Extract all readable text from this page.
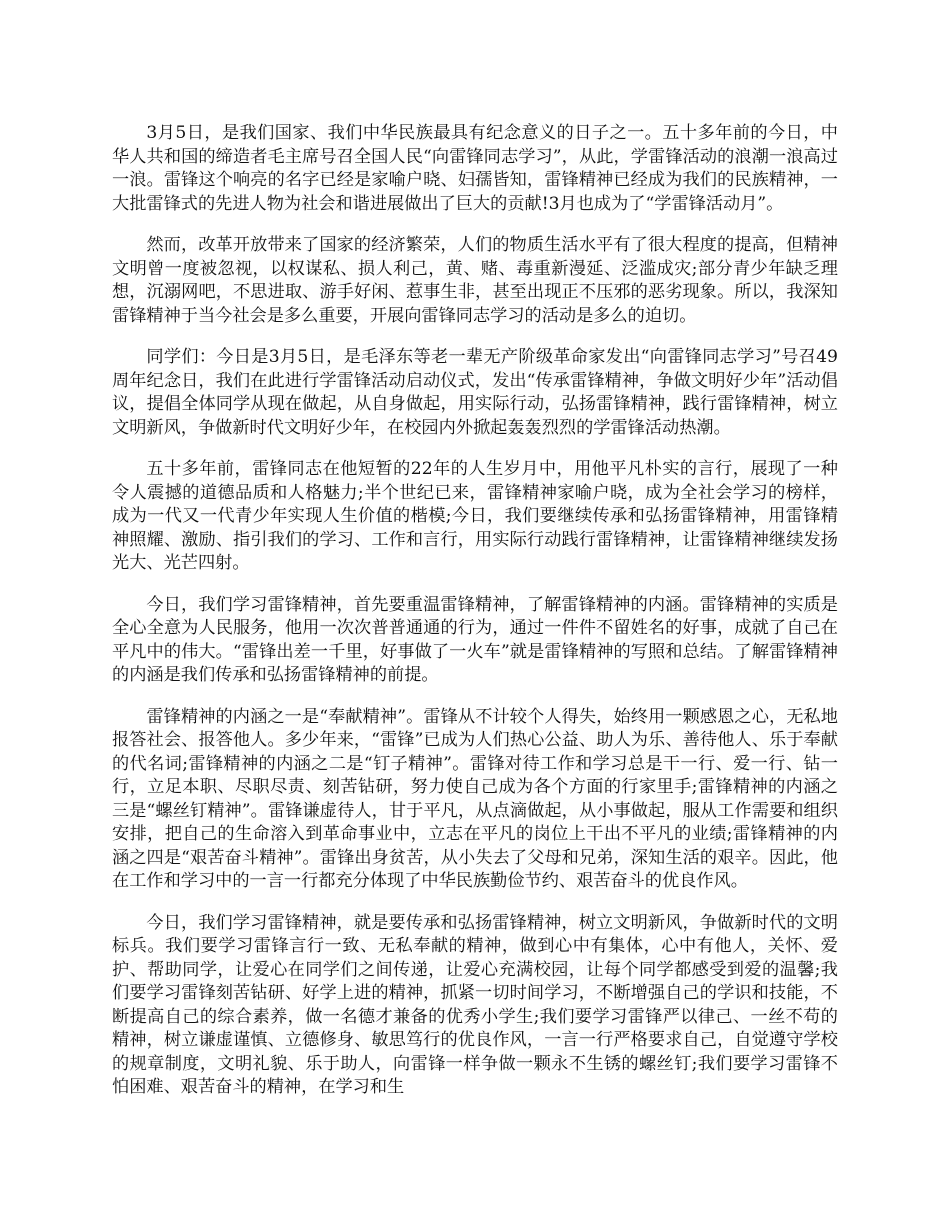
3月5日，是我们国家、我们中华民族最具有纪念意义的日子之一。五十多年前的今日，中华人共和国的缔造者毛主席号召全国人民“向雷锋同志学习”，从此，学雷锋活动的浪潮一浪高过一浪。雷锋这个响亮的名字已经是家喻户晓、妇孺皆知，雷锋精神已经成为我们的民族精神，一大批雷锋式的先进人物为社会和谐进展做出了巨大的贡献!3月也成为了“学雷锋活动月”。

然而，改革开放带来了国家的经济繁荣，人们的物质生活水平有了很大程度的提高，但精神文明曾一度被忽视，以权谋私、损人利己，黄、赌、毒重新漫延、泛滥成灾;部分青少年缺乏理想，沉溺网吧，不思进取、游手好闲、惹事生非，甚至出现正不压邪的恶劣现象。所以，我深知雷锋精神于当今社会是多么重要，开展向雷锋同志学习的活动是多么的迫切。

同学们：今日是3月5日，是毛泽东等老一辈无产阶级革命家发出“向雷锋同志学习”号召49周年纪念日，我们在此进行学雷锋活动启动仪式，发出“传承雷锋精神，争做文明好少年”活动倡议，提倡全体同学从现在做起，从自身做起，用实际行动，弘扬雷锋精神，践行雷锋精神，树立文明新风，争做新时代文明好少年，在校园内外掀起轰轰烈烈的学雷锋活动热潮。

五十多年前，雷锋同志在他短暂的22年的人生岁月中，用他平凡朴实的言行，展现了一种令人震撼的道德品质和人格魅力;半个世纪已来，雷锋精神家喻户晓，成为全社会学习的榜样，成为一代又一代青少年实现人生价值的楷模;今日，我们要继续传承和弘扬雷锋精神，用雷锋精神照耀、激励、指引我们的学习、工作和言行，用实际行动践行雷锋精神，让雷锋精神继续发扬光大、光芒四射。

今日，我们学习雷锋精神，首先要重温雷锋精神，了解雷锋精神的内涵。雷锋精神的实质是全心全意为人民服务，他用一次次普普通通的行为，通过一件件不留姓名的好事，成就了自己在平凡中的伟大。“雷锋出差一千里，好事做了一火车”就是雷锋精神的写照和总结。了解雷锋精神的内涵是我们传承和弘扬雷锋精神的前提。

雷锋精神的内涵之一是“奉献精神”。雷锋从不计较个人得失，始终用一颗感恩之心，无私地报答社会、报答他人。多少年来，“雷锋”已成为人们热心公益、助人为乐、善待他人、乐于奉献的代名词;雷锋精神的内涵之二是“钉子精神”。雷锋对待工作和学习总是干一行、爱一行、钻一行，立足本职、尽职尽责、刻苦钻研，努力使自己成为各个方面的行家里手;雷锋精神的内涵之三是“螺丝钉精神”。雷锋谦虚待人，甘于平凡，从点滴做起，从小事做起，服从工作需要和组织安排，把自己的生命溶入到革命事业中，立志在平凡的岗位上干出不平凡的业绩;雷锋精神的内涵之四是“艰苦奋斗精神”。雷锋出身贫苦，从小失去了父母和兄弟，深知生活的艰辛。因此，他在工作和学习中的一言一行都充分体现了中华民族勤俭节约、艰苦奋斗的优良作风。

今日，我们学习雷锋精神，就是要传承和弘扬雷锋精神，树立文明新风，争做新时代的文明标兵。我们要学习雷锋言行一致、无私奉献的精神，做到心中有集体，心中有他人，关怀、爱护、帮助同学，让爱心在同学们之间传递，让爱心充满校园，让每个同学都感受到爱的温馨;我们要学习雷锋刻苦钻研、好学上进的精神，抓紧一切时间学习，不断增强自己的学识和技能，不断提高自己的综合素养，做一名德才兼备的优秀小学生;我们要学习雷锋严以律己、一丝不苟的精神，树立谦虚谨慎、立德修身、敏思笃行的优良作风，一言一行严格要求自己，自觉遵守学校的规章制度，文明礼貌、乐于助人，向雷锋一样争做一颗永不生锈的螺丝钉;我们要学习雷锋不怕困难、艰苦奋斗的精神，在学习和生
